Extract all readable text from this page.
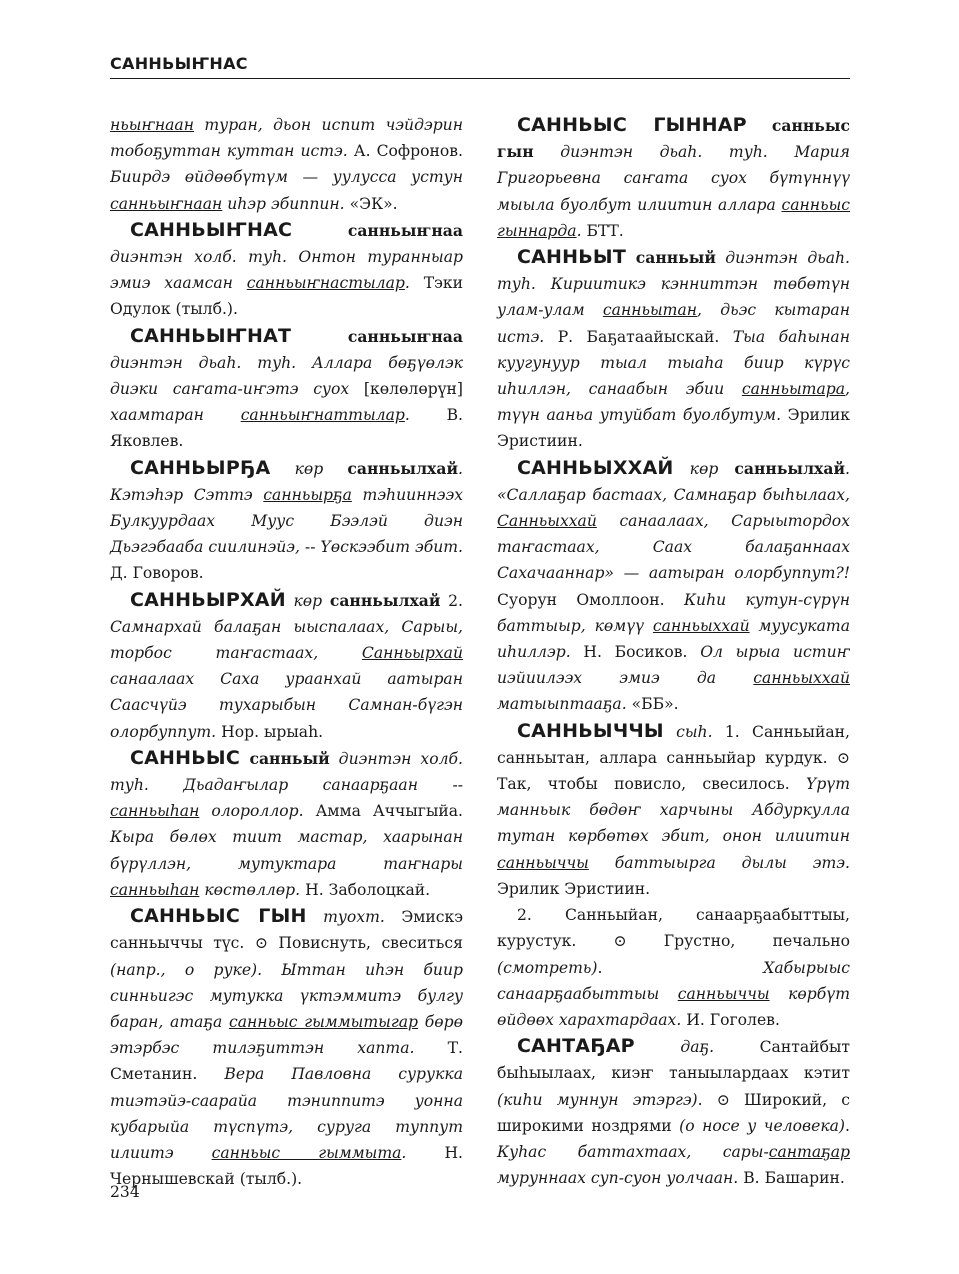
САННЬЫҤНАС

ньыҥнаан туран, дьон испит чэйдэрин тобоҕуттан куттан истэ. А. Софронов. Биирдэ өйдөөбүтүм — уулусса устун санньыҥнаан иһэр эбиппин. «ЭК».

САННЬЫҤНАС санньыҥнаа диэнтэн холб. туһ. Онтон туранныар эмиэ хаамсан санньыҥнастылар. Тэки Одулок (тылб.).

САННЬЫҤНАТ санньыҥнаа диэнтэн дьаһ. туһ. Аллара бөҕүөлэк диэки саҥата-иҥэтэ суох [көлөлөрүн] хаамтаран санньыҥнаттылар. В. Яковлев.

САННЬЫРҔА көр санньылхай. Кэтэһэр Сэттэ санньырҕа тэһииннээх Булкуурдаах Муус Бээлэй диэн Дьэгэбааба сиилинэйэ, -- Үөскээбит эбит. Д. Говоров.

САННЬЫРХАЙ көр санньылхай 2. Самнархай балаҕан ыыспалаах, Сарыы, торбос таҥастаах, Санньырхай санаалаах Саха ураанхай аатыран Саасчүйэ тухарыбын Самнан-бүгэн олорбуппут. Нор. ырыаһ.

САННЬЫС санньый диэнтэн холб. туһ. Дьадаҥылар санаарҕаан -- санньыһан олороллор. Амма Аччыгыйа. Кыра бөлөх тиит мастар, хаарынан бүрүллэн, мутуктара таҥнары санньыһан көстөллөр. Н. Заболоцкай.

САННЬЫС ГЫН туохт. Эмискэ санньыччы түс. ⊙ Повиснуть, свеситься (напр., о руке). Ыттан иһэн биир синньигэс мутукка үктэммитэ булгу баран, атаҕа санньыс гыммытыгар бөрө этэрбэс тилэҕиттэн хаптa. Т. Сметанин. Вера Павловна сурукка тиэтэйэ-саарайа тэниппитэ уонна кубарыйа түспүтэ, суруга туппут илиитэ санньыс гыммыта. Н. Чернышевскай (тылб.).

САННЬЫС ГЫННАР санньыс гын диэнтэн дьаһ. туһ. Мария Григорьевна саҥата суох бүтүннүү мыыла буолбут илиитин аллара санньыс гыннарда. БТТ.

САННЬЫТ санньый диэнтэн дьаһ. туһ. Кириитикэ кэнниттэн төбөтүн улам-улам санньытан, дьэс кытаран истэ. Р. Баҕатаайыскай. Тыа баһынан куугунуур тыал тыаһа биир күрүс иһиллэн, санаабын эбии санньытара, түүн ааньа утуйбат буолбутум. Эрилик Эристиин.

САННЬЫХХАЙ көр санньылхай. «Саллаҕар бастаах, Самнаҕар быһылаах, Санньыххай санаалаах, Сарыытордох таҥастаах, Саах балаҕаннаах Сахачааннар» — аатыран олорбуппут?! Суорун Омоллоон. Киһи кутун-сүрүн баттыыр, көмүү санньыххай муусуката иһиллэр. Н. Босиков. Ол ырыа истиҥ иэйиилээх эмиэ да санньыххай матыыптааҕа. «ББ».

САННЬЫЧЧЫ сыһ. 1. Санньыйан, санньытан, аллара санньыйар курдук. ⊙ Так, чтобы повисло, свесилось. Үрүт манньык бөдөҥ харчыны Абдуркулла тутан көрбөтөх эбит, онон илиитин санньыччы баттыырга дылы этэ. Эрилик Эристиин.

2. Санньыйан, санаарҕаабыттыы, курустук. ⊙ Грустно, печально (смотреть). Хабырыыс санаарҕаабыттыы санньыччы көрбүт өйдөөх харахтардаах. И. Гоголев.

САНТАҔАР даҕ. Сантайбыт быһыылаах, киэҥ таныылардаах кэтит (киһи муннун этэргэ). ⊙ Широкий, с широкими ноздрями (о носе у человека). Куһас баттахтаах, сары-сантаҕар муруннаах суп-суон уолчаан. В. Башарин.

234
